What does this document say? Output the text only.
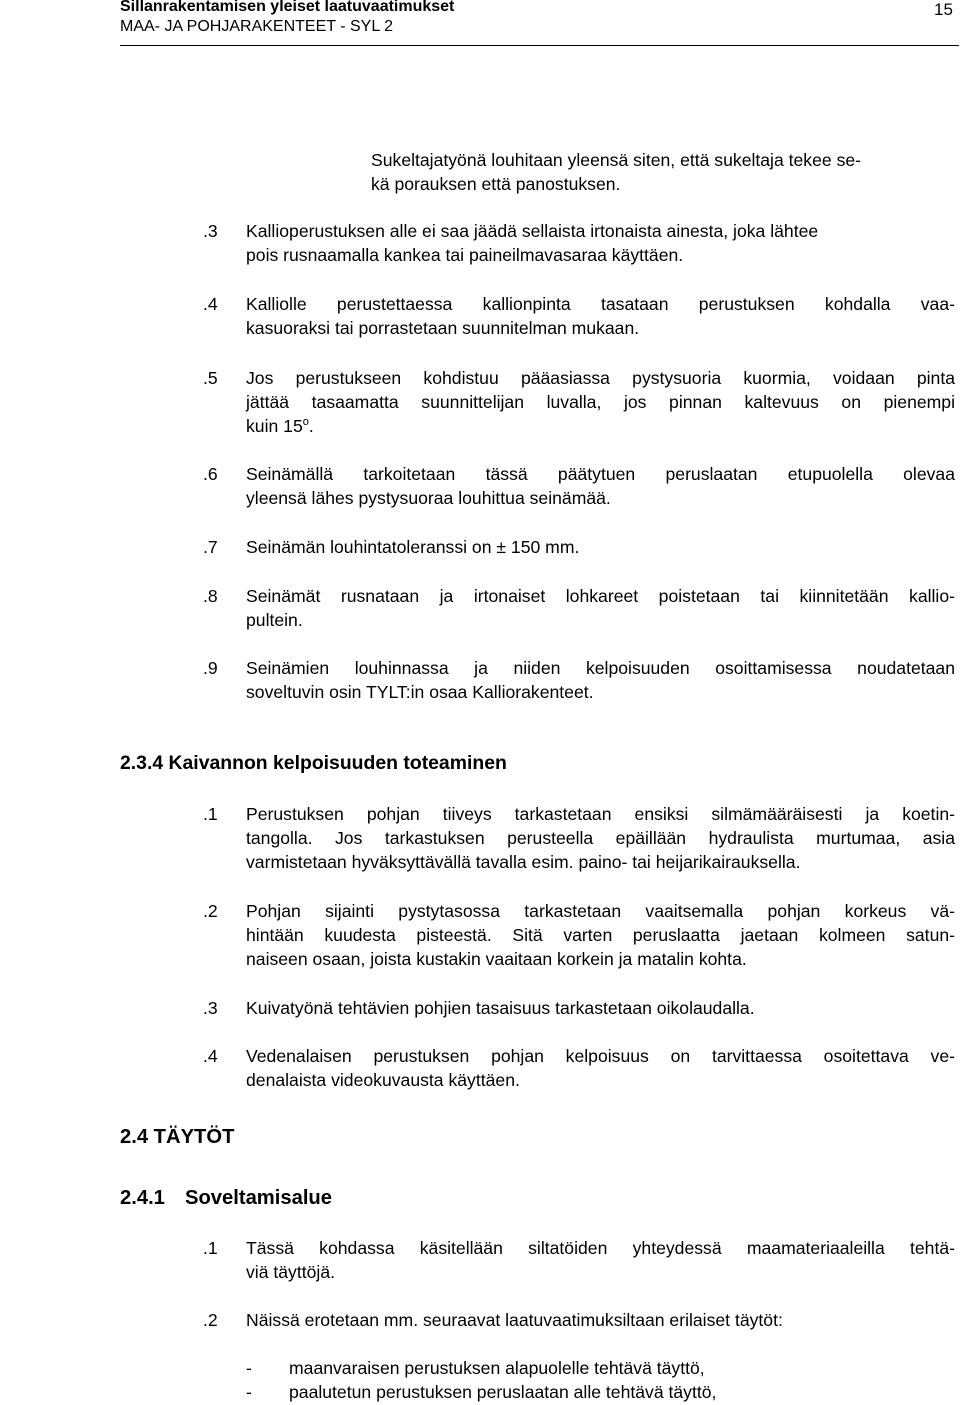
Sillanrakentamisen yleiset laatuvaatimukset
MAA- JA POHJARAKENTEET - SYL 2
15
Sukeltajatyönä louhitaan yleensä siten, että sukeltaja tekee se-
kä porauksen että panostuksen.
.3 Kallioperustuksen alle ei saa jäädä sellaista irtonaista ainesta, joka lähtee
pois rusnaamalla kankea tai paineilmavasaraa käyttäen.
.4 Kalliolle perustettaessa kallionpinta tasataan perustuksen kohdalla vaa-
kasuoraksi tai porrastetaan suunnitelman mukaan.
.5 Jos perustukseen kohdistuu pääasiassa pystysuoria kuormia, voidaan pinta
jättää tasaamatta suunnittelijan luvalla, jos pinnan kaltevuus on pienempi
kuin 15$^o$.
.6 Seinämällä tarkoitetaan tässä päätytuen peruslaatan etupuolella olevaa
yleensä lähes pystysuoraa louhittua seinämää.
.7 Seinämän louhintatoleranssi on ± 150 mm.
.8 Seinämät rusnataan ja irtonaiset lohkareet poistetaan tai kiinnitetään kallio-
pultein.
.9 Seinämien louhinnassa ja niiden kelpoisuuden osoittamisessa noudatetaan
soveltuvin osin TYLT:in osaa Kalliorakenteet.
2.3.4 Kaivannon kelpoisuuden toteaminen
.1 Perustuksen pohjan tiiveys tarkastetaan ensiksi silmämääräisesti ja koetin-
tangolla. Jos tarkastuksen perusteella epäillään hydraulista murtumaa, asia
varmistetaan hyväksyttävällä tavalla esim. paino- tai heijarikairauksella.
.2 Pohjan sijainti pystytasossa tarkastetaan vaaitsemalla pohjan korkeus vä-
hintään kuudesta pisteestä. Sitä varten peruslaatta jaetaan kolmeen satun-
naiseen osaan, joista kustakin vaaitaan korkein ja matalin kohta.
.3 Kuivatyönä tehtävien pohjien tasaisuus tarkastetaan oikolaudalla.
.4 Vedenalaisen perustuksen pohjan kelpoisuus on tarvittaessa osoitettava ve-
denalaista videokuvausta käyttäen.
2.4 TÄYTÖT
2.4.1 Soveltamisalue
.1 Tässä kohdassa käsitellään siltatöiden yhteydessä maamateriaaleilla tehtä-
viä täyttöjä.
.2 Näissä erotetaan mm. seuraavat laatuvaatimuksiltaan erilaiset täytöt:
- maanvaraisen perustuksen alapuolelle tehtävä täyttö,
- paalutetun perustuksen peruslaatan alle tehtävä täyttö,
